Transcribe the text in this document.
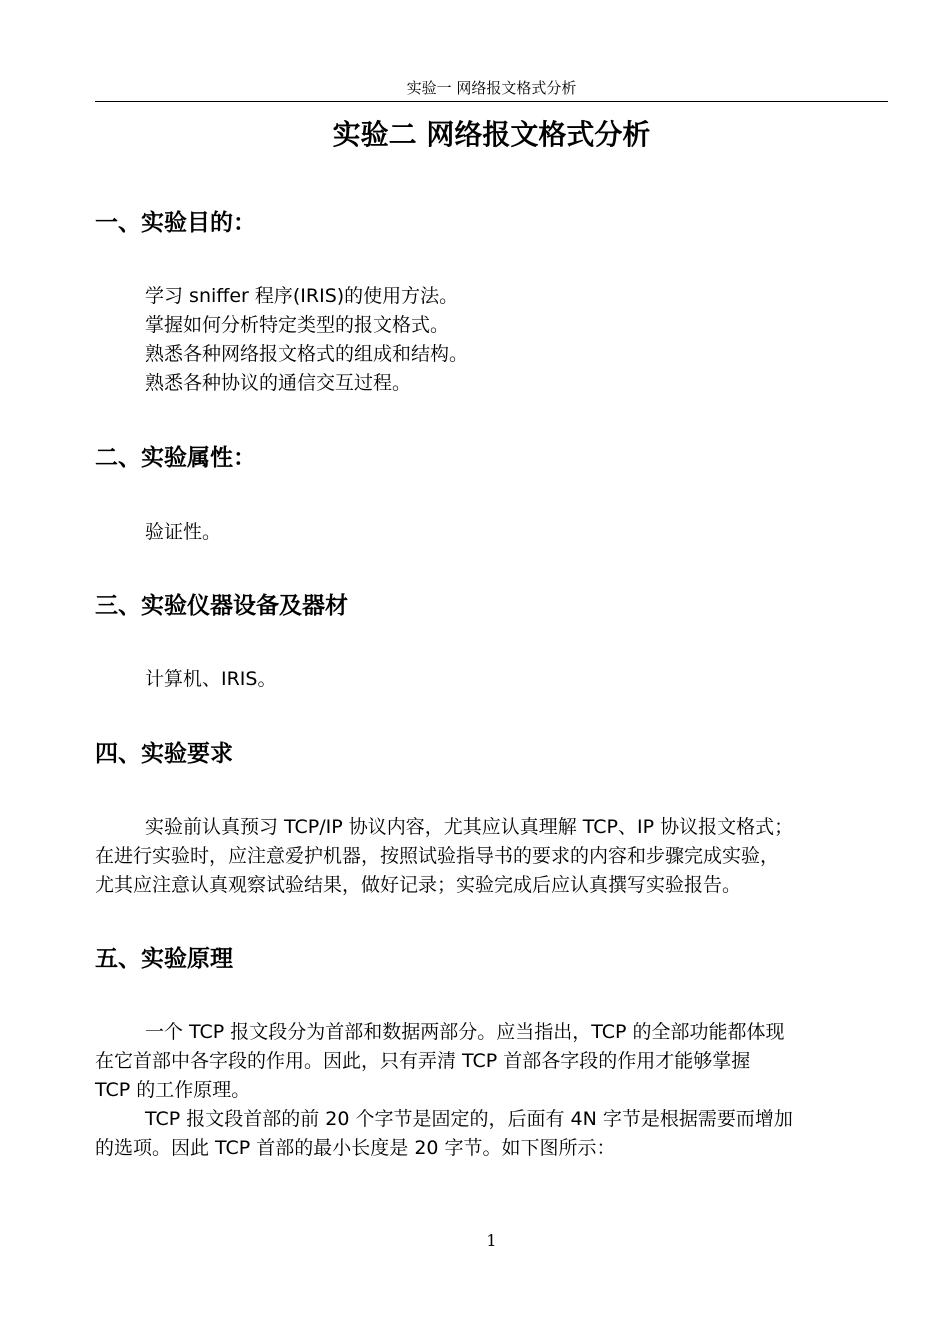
实验一 网络报文格式分析
实验二 网络报文格式分析
一、实验目的：
学习 sniffer 程序(IRIS)的使用方法。
掌握如何分析特定类型的报文格式。
熟悉各种网络报文格式的组成和结构。
熟悉各种协议的通信交互过程。
二、实验属性：
验证性。
三、实验仪器设备及器材
计算机、IRIS。
四、实验要求
实验前认真预习 TCP/IP 协议内容，尤其应认真理解 TCP、IP 协议报文格式；
在进行实验时，应注意爱护机器，按照试验指导书的要求的内容和步骤完成实验，
尤其应注意认真观察试验结果，做好记录；实验完成后应认真撰写实验报告。
五、实验原理
一个 TCP 报文段分为首部和数据两部分。应当指出，TCP 的全部功能都体现
在它首部中各字段的作用。因此，只有弄清 TCP 首部各字段的作用才能够掌握
TCP 的工作原理。
TCP 报文段首部的前 20 个字节是固定的，后面有 4N 字节是根据需要而增加
的选项。因此 TCP 首部的最小长度是 20 字节。如下图所示：
1
